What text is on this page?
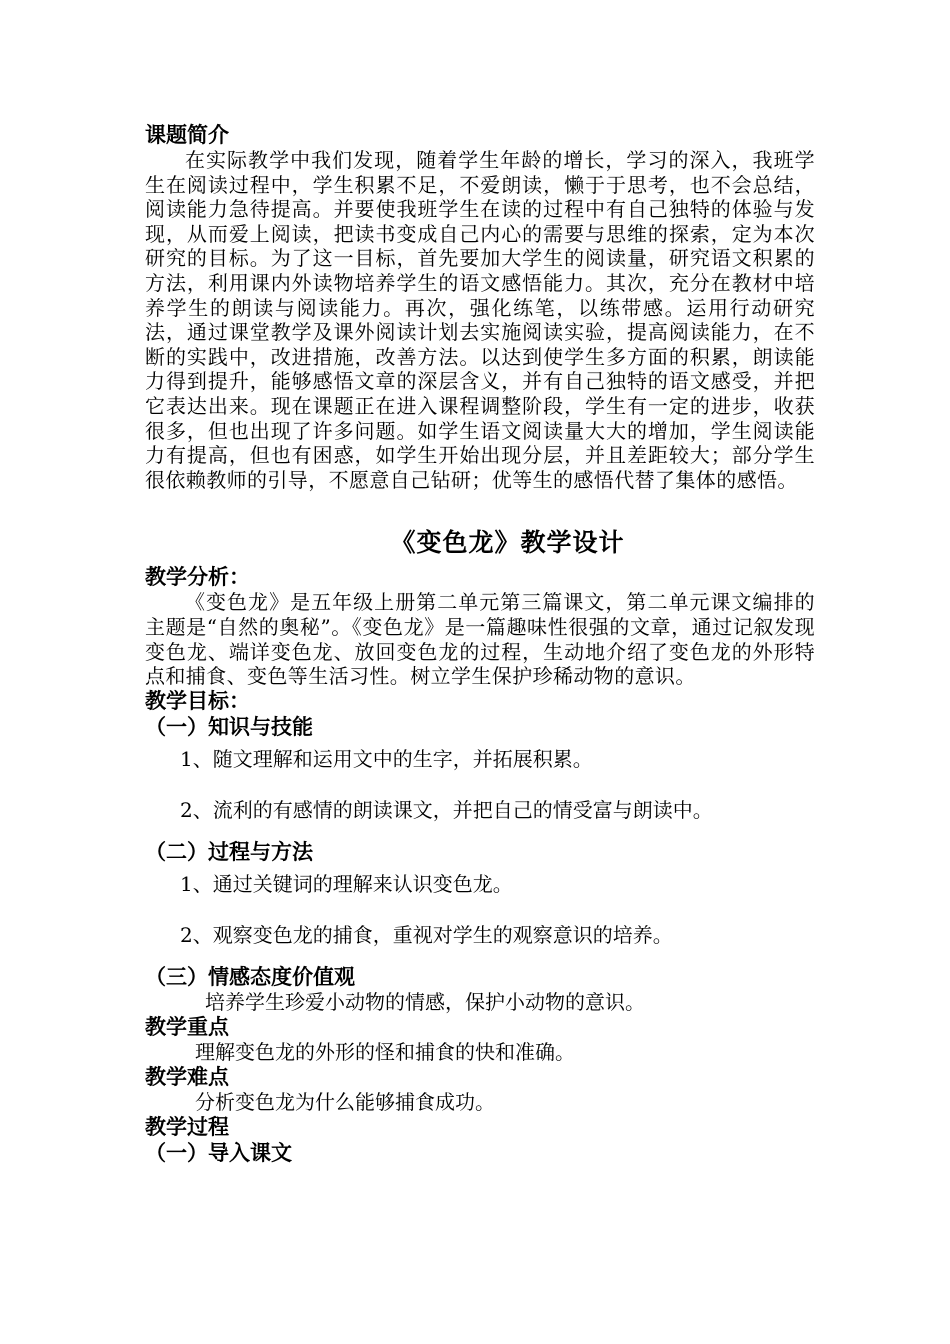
课题简介

在实际教学中我们发现，随着学生年龄的增长，学习的深入，我班学生在阅读过程中，学生积累不足，不爱朗读，懒于于思考，也不会总结，阅读能力急待提高。并要使我班学生在读的过程中有自己独特的体验与发现，从而爱上阅读，把读书变成自己内心的需要与思维的探索，定为本次研究的目标。为了这一目标，首先要加大学生的阅读量，研究语文积累的方法，利用课内外读物培养学生的语文感悟能力。其次，充分在教材中培养学生的朗读与阅读能力。再次，强化练笔，以练带感。运用行动研究法，通过课堂教学及课外阅读计划去实施阅读实验，提高阅读能力，在不断的实践中，改进措施，改善方法。以达到使学生多方面的积累，朗读能力得到提升，能够感悟文章的深层含义，并有自己独特的语文感受，并把它表达出来。现在课题正在进入课程调整阶段，学生有一定的进步，收获很多，但也出现了许多问题。如学生语文阅读量大大的增加，学生阅读能力有提高，但也有困惑，如学生开始出现分层，并且差距较大；部分学生很依赖教师的引导，不愿意自己钻研；优等生的感悟代替了集体的感悟。

《变色龙》教学设计

教学分析：

《变色龙》是五年级上册第二单元第三篇课文，第二单元课文编排的主题是“自然的奥秘”。《变色龙》是一篇趣味性很强的文章，通过记叙发现变色龙、端详变色龙、放回变色龙的过程，生动地介绍了变色龙的外形特点和捕食、变色等生活习性。树立学生保护珍稀动物的意识。

教学目标：

（一）知识与技能

1、随文理解和运用文中的生字，并拓展积累。

2、流利的有感情的朗读课文，并把自己的情受富与朗读中。

（二）过程与方法

1、通过关键词的理解来认识变色龙。

2、观察变色龙的捕食，重视对学生的观察意识的培养。

（三）情感态度价值观

培养学生珍爱小动物的情感，保护小动物的意识。

教学重点

理解变色龙的外形的怪和捕食的快和准确。

教学难点

分析变色龙为什么能够捕食成功。

教学过程

（一）导入课文
